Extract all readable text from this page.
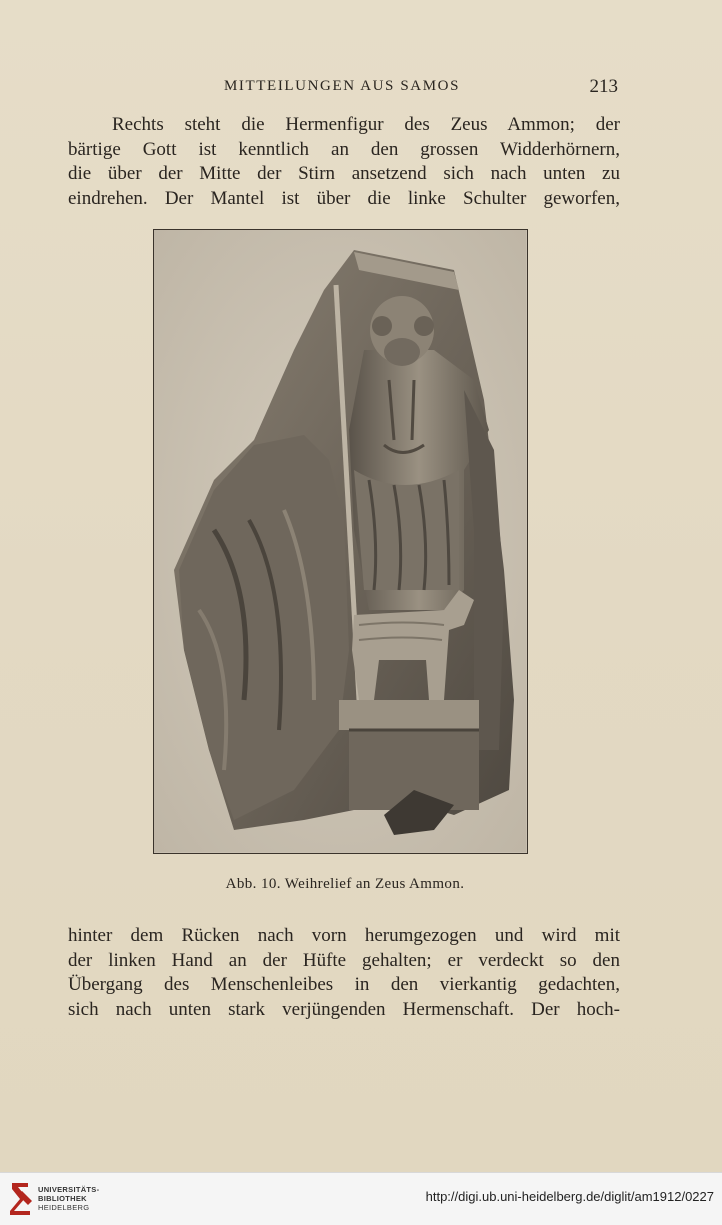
MITTEILUNGEN AUS SAMOS	213
Rechts steht die Hermenfigur des Zeus Ammon; der
bärtige Gott ist kenntlich an den grossen Widderhörnern,
die über der Mitte der Stirn ansetzend sich nach unten zu
eindrehen. Der Mantel ist über die linke Schulter geworfen,
Abb. 10. Weihrelief an Zeus Ammon.
hinter dem Rücken nach vorn herumgezogen und wird mit
der linken Hand an der Hüfte gehalten; er verdeckt so den
Übergang des Menschenleibes in den vierkantig gedachten,
sich nach unten stark verjüngenden Hermenschaft. Der hoch-
UNIVERSITÄTS-
BIBLIOTHEK
HEIDELBERG
http://digi.ub.uni-heidelberg.de/diglit/am1912/0227
